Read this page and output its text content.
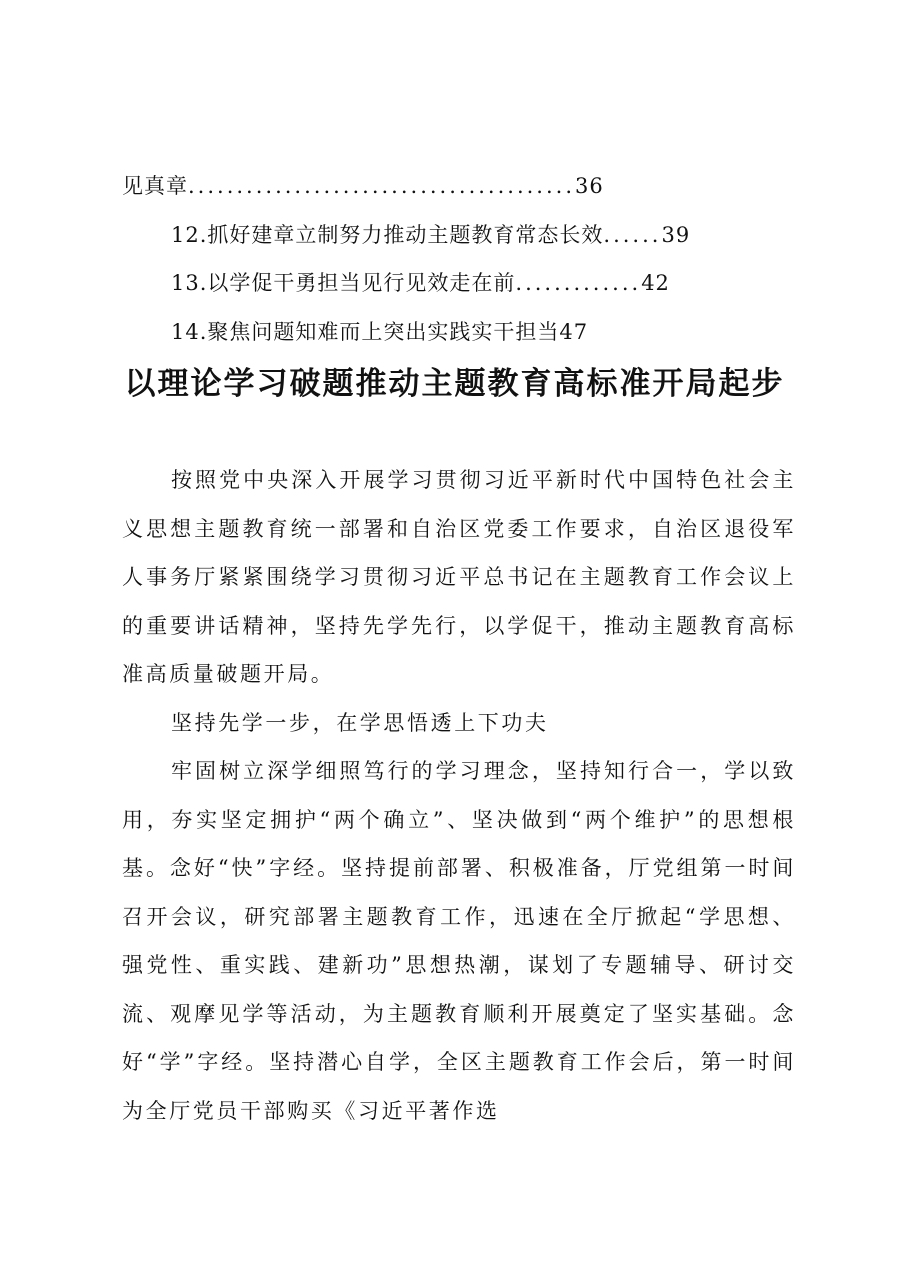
见真章........................................36
12.抓好建章立制努力推动主题教育常态长效......39
13.以学促干勇担当见行见效走在前.............42
14.聚焦问题知难而上突出实践实干担当47
以理论学习破题推动主题教育高标准开局起步

按照党中央深入开展学习贯彻习近平新时代中国特色社会主义思想主题教育统一部署和自治区党委工作要求，自治区退役军人事务厅紧紧围绕学习贯彻习近平总书记在主题教育工作会议上的重要讲话精神，坚持先学先行，以学促干，推动主题教育高标准高质量破题开局。

坚持先学一步，在学思悟透上下功夫

牢固树立深学细照笃行的学习理念，坚持知行合一，学以致用，夯实坚定拥护“两个确立”、坚决做到“两个维护”的思想根基。念好“快”字经。坚持提前部署、积极准备，厅党组第一时间召开会议，研究部署主题教育工作，迅速在全厅掀起“学思想、强党性、重实践、建新功”思想热潮，谋划了专题辅导、研讨交流、观摩见学等活动，为主题教育顺利开展奠定了坚实基础。念好“学”字经。坚持潜心自学，全区主题教育工作会后，第一时间为全厅党员干部购买《习近平著作选
